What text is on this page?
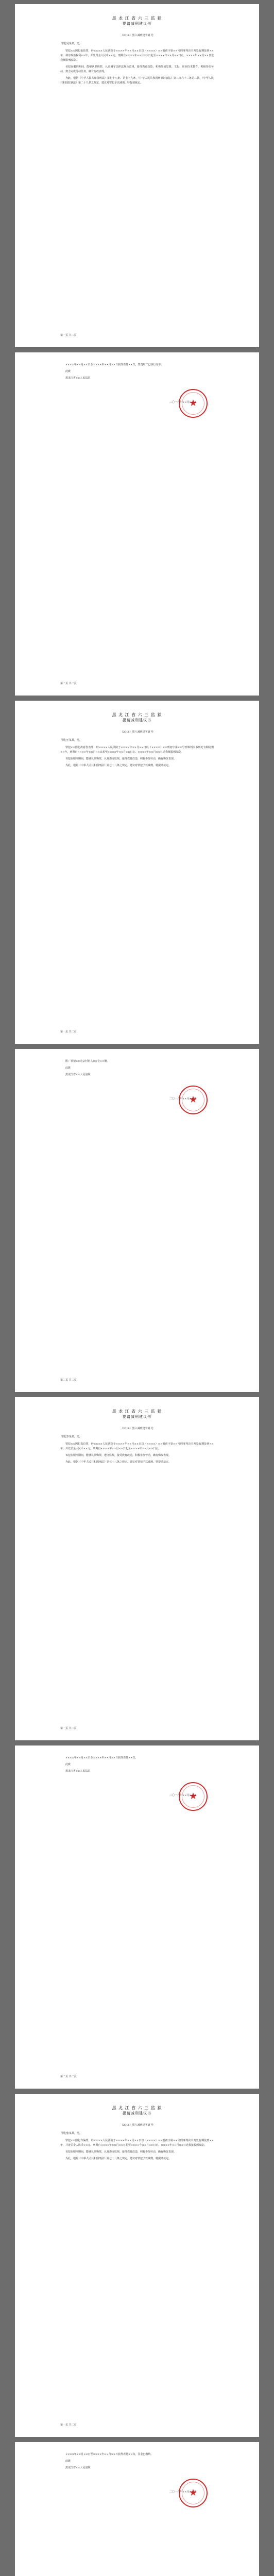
黑 龙 江 省 六 三 监 狱
提请减刑建议书
（2016）黑六减刑建字第 号
罪犯吴某某，男，
罪犯××因犯抢劫罪，经××××人民法院于××××年××月××日以（××××）××刑初字第××号刑事判决书判处有期徒刑××年，剥夺政治权利××年，并处罚金人民币××元。刑期自××××年××月××日起至××××年××月××日止。××××年××月××日送我狱服刑改造。
该犯在服刑期间，能够认罪悔罪，认真遵守法律法规及监规，接受教育改造，积极参加思想、文化、职业技术教育，积极参加劳动，努力完成劳动任务，确有悔改表现。
为此，根据《中华人民共和国刑法》第七十八条、第七十九条，《中华人民共和国刑事诉讼法》第二百六十二条第二款，《中华人民共和国监狱法》第二十九条之规定，建议对罪犯予以减刑。特提请裁定。
第一页 共二页
××××年××月××日至××××年××月××日获得表扬××次，罚没财产已执行完毕。
此致
黑龙江省××人民法院
★
二〇一六年××月××日
第二页 共二页
黑 龙 江 省 六 三 监 狱
提请减刑建议书
（2016）黑六减刑建字第 号
罪犯王某某，男，
罪犯××因犯故意伤害罪，经××××人民法院于××××年××月××日以（××××）××刑初字第××号刑事判决书判处有期徒刑××年。刑期自××××年××月××日起至××××年××月××日止。××××年××月××日送我狱服刑改造。
该犯在服刑期间，能够认罪悔罪，认真遵守监规，接受教育改造，积极参加劳动，确有悔改表现。
为此，根据《中华人民共和国刑法》第七十八条之规定，建议对罪犯予以减刑。特提请裁定。
第一页 共二页
附：罪犯××卷宗材料共××卷××册。
此致
黑龙江省××人民法院
★
二〇一六年××月××日
第二页 共二页
黑 龙 江 省 六 三 监 狱
提请减刑建议书
（2016）黑六减刑建字第 号
罪犯李某某，男，
罪犯××因犯盗窃罪，经××××人民法院于××××年××月××日以（××××）××刑初字第××号刑事判决书判处有期徒刑××年，并处罚金人民币××元。刑期自××××年××月××日起至××××年××月××日止。
该犯在服刑期间，能够认罪悔罪，遵守监规，接受教育改造，积极参加劳动，确有悔改表现。
为此，根据《中华人民共和国刑法》第七十八条之规定，建议对罪犯予以减刑。特提请裁定。
第一页 共二页
××××年××月××日至××××年××月××日获得表扬××次。
此致
黑龙江省××人民法院
★
二〇一六年××月××日
第二页 共二页
黑 龙 江 省 六 三 监 狱
提请减刑建议书
（2016）黑六减刑建字第 号
罪犯张某某，男，
罪犯××因犯诈骗罪，经××××人民法院于××××年××月××日以（××××）××刑初字第××号刑事判决书判处有期徒刑××年，并处罚金人民币××元。刑期自××××年××月××日起至××××年××月××日止。××××年××月××日送我狱服刑改造。
该犯在服刑期间，能够认罪悔罪，认真遵守监规，接受教育改造，积极参加劳动，确有悔改表现。
为此，根据《中华人民共和国刑法》第七十八条之规定，建议对罪犯予以减刑。特提请裁定。
第一页 共二页
××××年××月××日至××××年××月××日获得表扬××次，罚金已缴纳。
此致
黑龙江省××人民法院
★
二〇一六年××月××日
